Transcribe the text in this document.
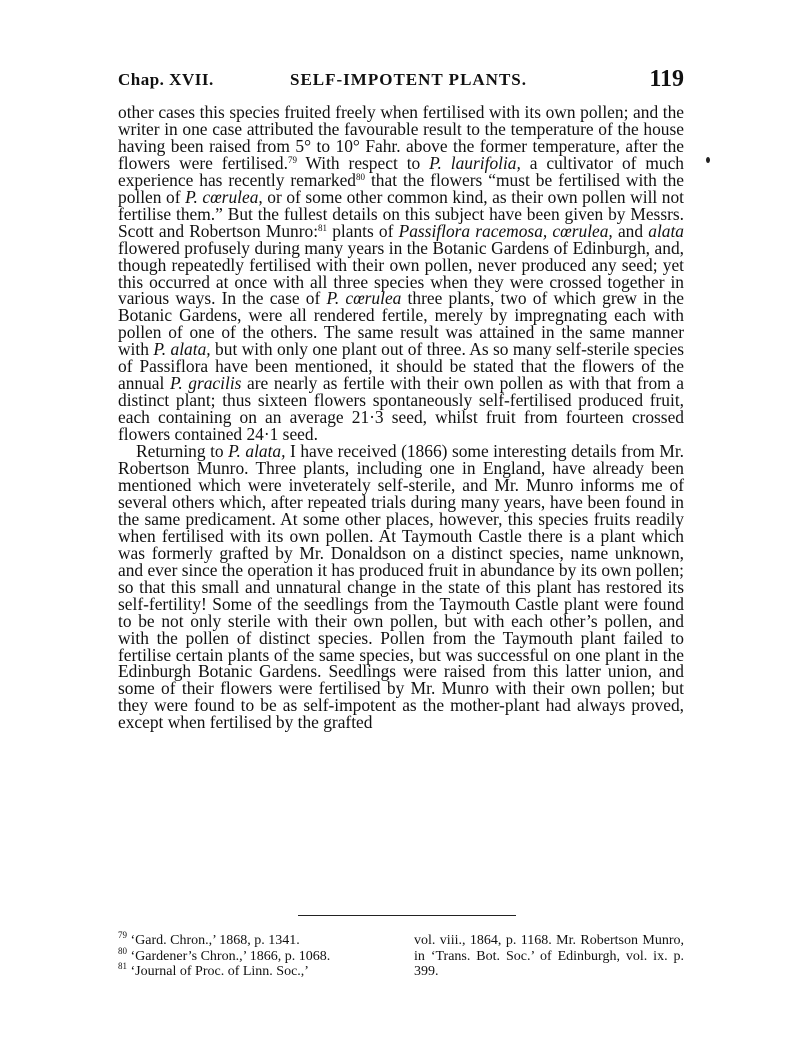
Chap. XVII.	SELF-IMPOTENT PLANTS.	119

other cases this species fruited freely when fertilised with its own pollen; and the writer in one case attributed the favourable result to the temperature of the house having been raised from 5° to 10° Fahr. above the former temperature, after the flowers were fertilised.$^{79}$ With respect to P. laurifolia, a cultivator of much experience has recently remarked$^{80}$ that the flowers “must be fertilised with the pollen of P. cœrulea, or of some other common kind, as their own pollen will not fertilise them.” But the fullest details on this subject have been given by Messrs. Scott and Robertson Munro:$^{81}$ plants of Passiflora racemosa, cœrulea, and alata flowered profusely during many years in the Botanic Gardens of Edinburgh, and, though repeatedly fertilised with their own pollen, never produced any seed; yet this occurred at once with all three species when they were crossed together in various ways. In the case of P. cœrulea three plants, two of which grew in the Botanic Gardens, were all rendered fertile, merely by impregnating each with pollen of one of the others. The same result was attained in the same manner with P. alata, but with only one plant out of three. As so many self-sterile species of Passiflora have been mentioned, it should be stated that the flowers of the annual P. gracilis are nearly as fertile with their own pollen as with that from a distinct plant; thus sixteen flowers spontaneously self-fertilised produced fruit, each containing on an average 21·3 seed, whilst fruit from fourteen crossed flowers contained 24·1 seed.

Returning to P. alata, I have received (1866) some interesting details from Mr. Robertson Munro. Three plants, including one in England, have already been mentioned which were inveterately self-sterile, and Mr. Munro informs me of several others which, after repeated trials during many years, have been found in the same predicament. At some other places, however, this species fruits readily when fertilised with its own pollen. At Taymouth Castle there is a plant which was formerly grafted by Mr. Donaldson on a distinct species, name unknown, and ever since the operation it has produced fruit in abundance by its own pollen; so that this small and unnatural change in the state of this plant has restored its self-fertility! Some of the seedlings from the Taymouth Castle plant were found to be not only sterile with their own pollen, but with each other’s pollen, and with the pollen of distinct species. Pollen from the Taymouth plant failed to fertilise certain plants of the same species, but was successful on one plant in the Edinburgh Botanic Gardens. Seedlings were raised from this latter union, and some of their flowers were fertilised by Mr. Munro with their own pollen; but they were found to be as self-impotent as the mother-plant had always proved, except when fertilised by the grafted

$^{79}$ ‘Gard. Chron.,’ 1868, p. 1341.

$^{80}$ ‘Gardener’s Chron.,’ 1866, p. 1068.

$^{81}$ ‘Journal of Proc. of Linn. Soc.,’

vol. viii., 1864, p. 1168. Mr. Robertson Munro, in ‘Trans. Bot. Soc.’ of Edinburgh, vol. ix. p. 399.
